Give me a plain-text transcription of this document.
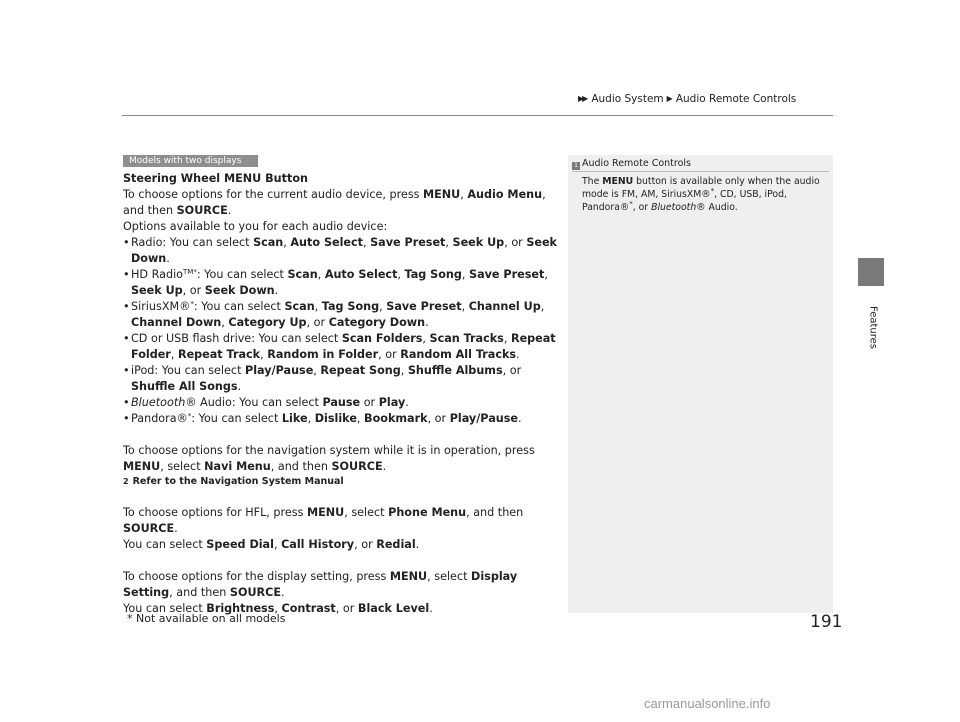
▶▶ Audio System ▶ Audio Remote Controls
Features
Models with two displays

Steering Wheel MENU Button

To choose options for the current audio device, press MENU, Audio Menu, and then SOURCE.

Options available to you for each audio device:

• Radio: You can select Scan, Auto Select, Save Preset, Seek Up, or Seek Down.
• HD Radio$^{TM*}$: You can select Scan, Auto Select, Tag Song, Save Preset, Seek Up, or Seek Down.
• SiriusXM®*: You can select Scan, Tag Song, Save Preset, Channel Up, Channel Down, Category Up, or Category Down.
• CD or USB flash drive: You can select Scan Folders, Scan Tracks, Repeat Folder, Repeat Track, Random in Folder, or Random All Tracks.
• iPod: You can select Play/Pause, Repeat Song, Shuffle Albums, or Shuffle All Songs.
• Bluetooth® Audio: You can select Pause or Play.
• Pandora®*: You can select Like, Dislike, Bookmark, or Play/Pause.

To choose options for the navigation system while it is in operation, press MENU, select Navi Menu, and then SOURCE.

2 Refer to the Navigation System Manual

To choose options for HFL, press MENU, select Phone Menu, and then SOURCE.

You can select Speed Dial, Call History, or Redial.

To choose options for the display setting, press MENU, select Display Setting, and then SOURCE.

You can select Brightness, Contrast, or Black Level.

1 Audio Remote Controls
The MENU button is available only when the audio mode is FM, AM, SiriusXM®*, CD, USB, iPod, Pandora®*, or Bluetooth® Audio.
* Not available on all models	191
carmanualsonline.info
